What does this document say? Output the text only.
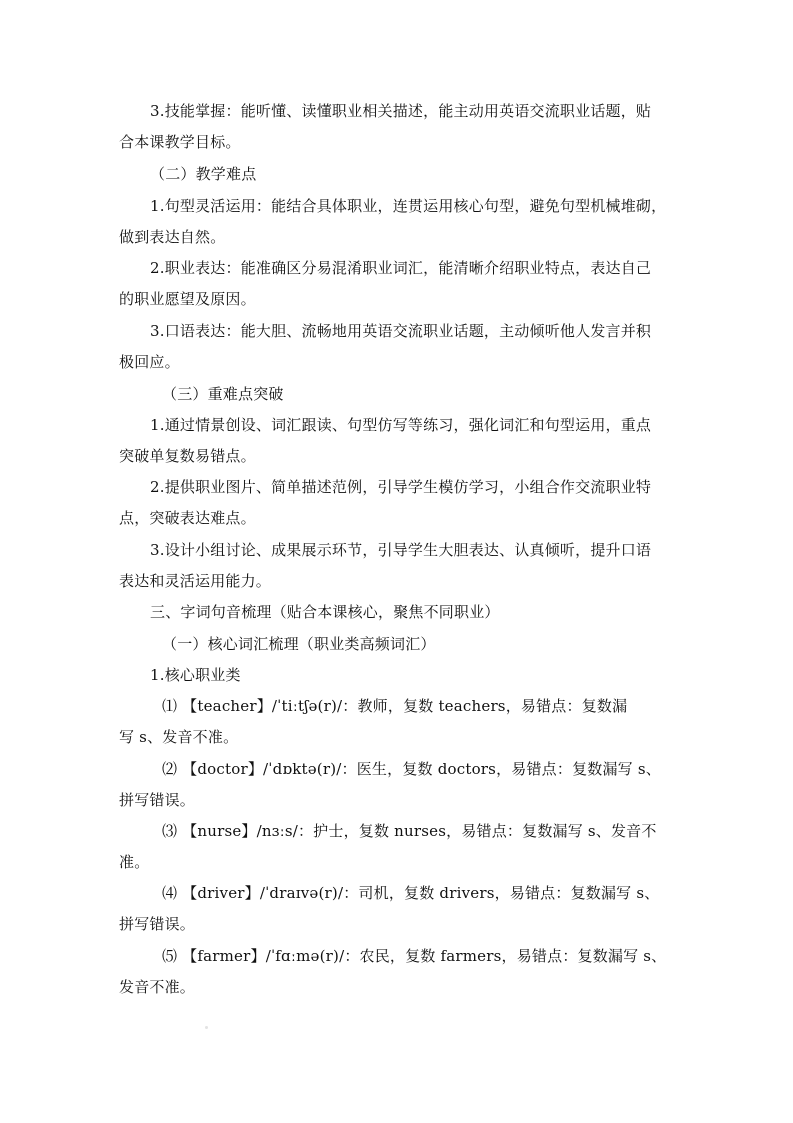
3.技能掌握：能听懂、读懂职业相关描述，能主动用英语交流职业话题，贴
合本课教学目标。
（二）教学难点
1.句型灵活运用：能结合具体职业，连贯运用核心句型，避免句型机械堆砌，
做到表达自然。
2.职业表达：能准确区分易混淆职业词汇，能清晰介绍职业特点，表达自己
的职业愿望及原因。
3.口语表达：能大胆、流畅地用英语交流职业话题，主动倾听他人发言并积
极回应。
（三）重难点突破
1.通过情景创设、词汇跟读、句型仿写等练习，强化词汇和句型运用，重点
突破单复数易错点。
2.提供职业图片、简单描述范例，引导学生模仿学习，小组合作交流职业特
点，突破表达难点。
3.设计小组讨论、成果展示环节，引导学生大胆表达、认真倾听，提升口语
表达和灵活运用能力。
三、字词句音梳理（贴合本课核心，聚焦不同职业）
（一）核心词汇梳理（职业类高频词汇）
1.核心职业类
⑴ 【teacher】/ˈtiːtʃə(r)/：教师，复数 teachers，易错点：复数漏
写 s、发音不准。
⑵ 【doctor】/ˈdɒktə(r)/：医生，复数 doctors，易错点：复数漏写 s、
拼写错误。
⑶ 【nurse】/nɜːs/：护士，复数 nurses，易错点：复数漏写 s、发音不
准。
⑷ 【driver】/ˈdraɪvə(r)/：司机，复数 drivers，易错点：复数漏写 s、
拼写错误。
⑸ 【farmer】/ˈfɑːmə(r)/：农民，复数 farmers，易错点：复数漏写 s、
发音不准。
